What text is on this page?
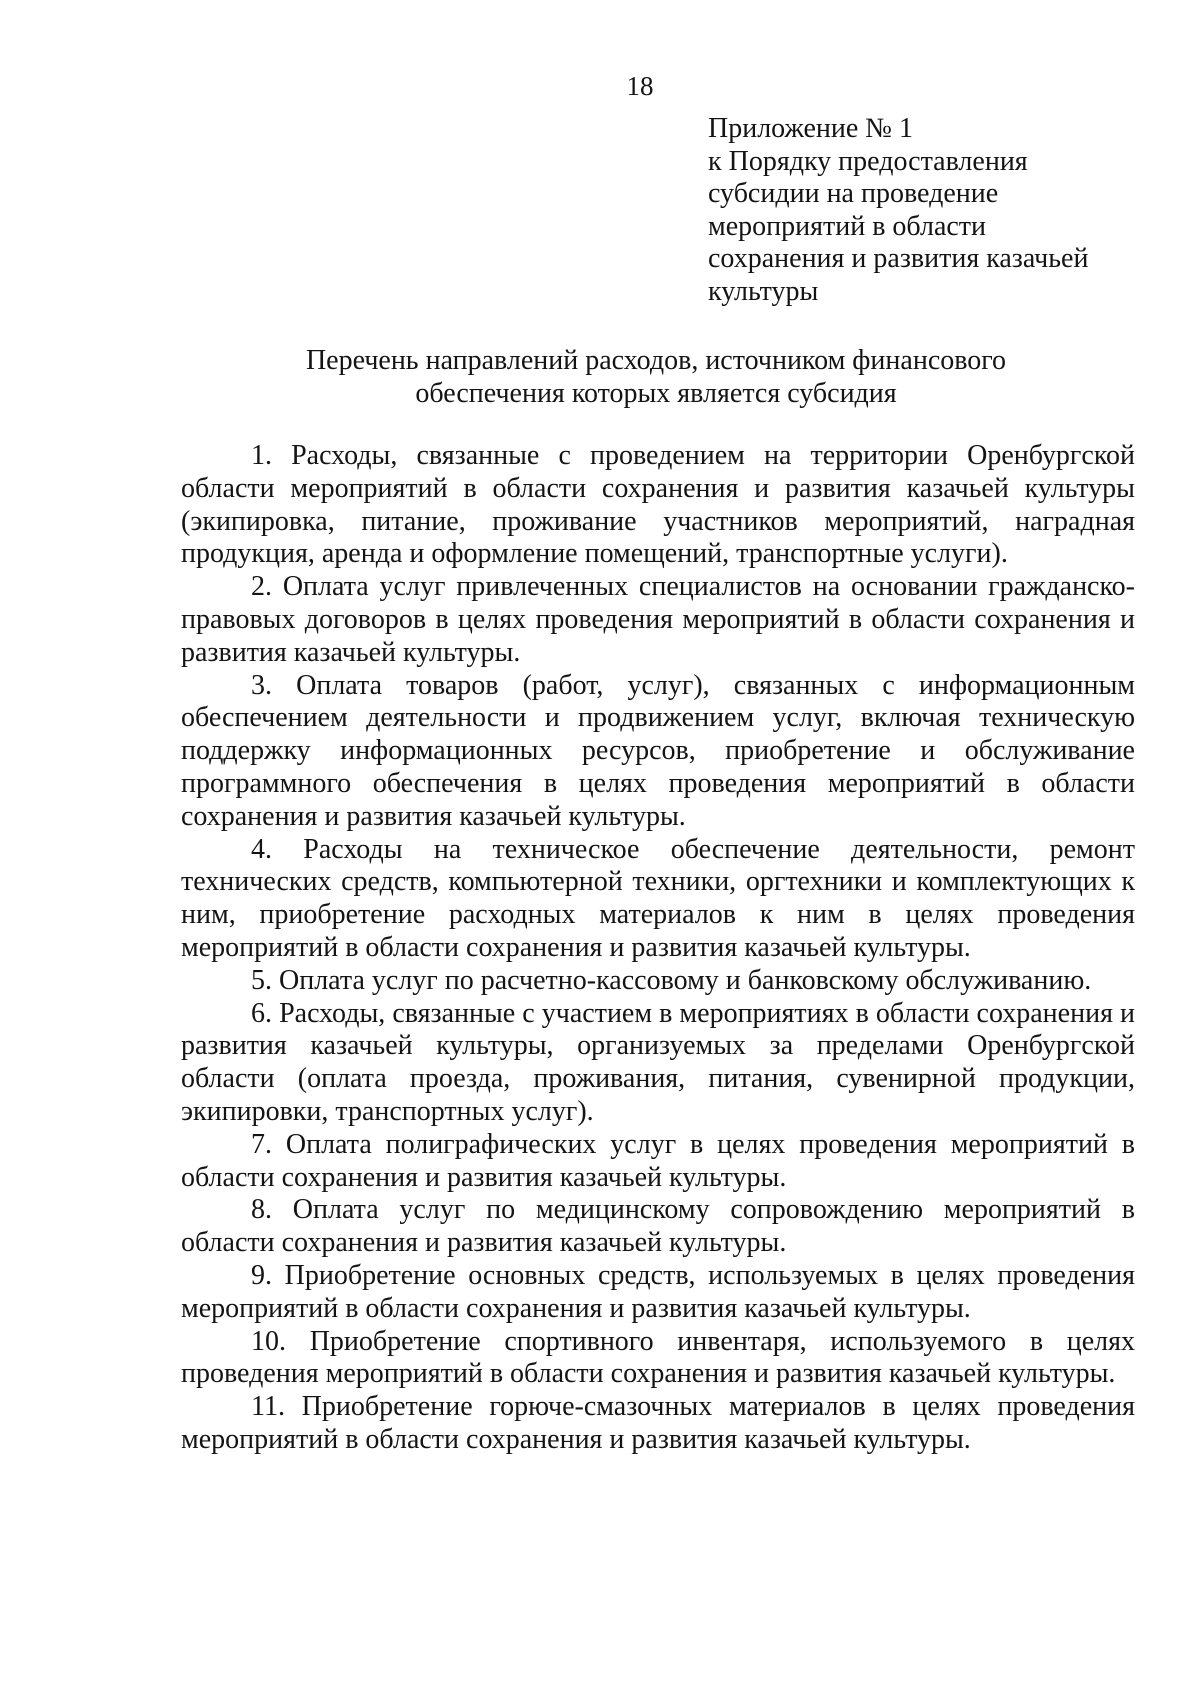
18
Приложение № 1
к Порядку предоставления
субсидии на проведение
мероприятий в области
сохранения и развития казачьей
культуры
Перечень направлений расходов, источником финансового
обеспечения которых является субсидия

1. Расходы, связанные с проведением на территории Оренбургской области мероприятий в области сохранения и развития казачьей культуры (экипировка, питание, проживание участников мероприятий, наградная продукция, аренда и оформление помещений, транспортные услуги).

2. Оплата услуг привлеченных специалистов на основании гражданско-правовых договоров в целях проведения мероприятий в области сохранения и развития казачьей культуры.

3. Оплата товаров (работ, услуг), связанных с информационным обеспечением деятельности и продвижением услуг, включая техническую поддержку информационных ресурсов, приобретение и обслуживание программного обеспечения в целях проведения мероприятий в области сохранения и развития казачьей культуры.

4. Расходы на техническое обеспечение деятельности, ремонт технических средств, компьютерной техники, оргтехники и комплектующих к ним, приобретение расходных материалов к ним в целях проведения мероприятий в области сохранения и развития казачьей культуры.

5. Оплата услуг по расчетно-кассовому и банковскому обслуживанию.

6. Расходы, связанные с участием в мероприятиях в области сохранения и развития казачьей культуры, организуемых за пределами Оренбургской области (оплата проезда, проживания, питания, сувенирной продукции, экипировки, транспортных услуг).

7. Оплата полиграфических услуг в целях проведения мероприятий в области сохранения и развития казачьей культуры.

8. Оплата услуг по медицинскому сопровождению мероприятий в области сохранения и развития казачьей культуры.

9. Приобретение основных средств, используемых в целях проведения мероприятий в области сохранения и развития казачьей культуры.

10. Приобретение спортивного инвентаря, используемого в целях проведения мероприятий в области сохранения и развития казачьей культуры.

11. Приобретение горюче-смазочных материалов в целях проведения мероприятий в области сохранения и развития казачьей культуры.
